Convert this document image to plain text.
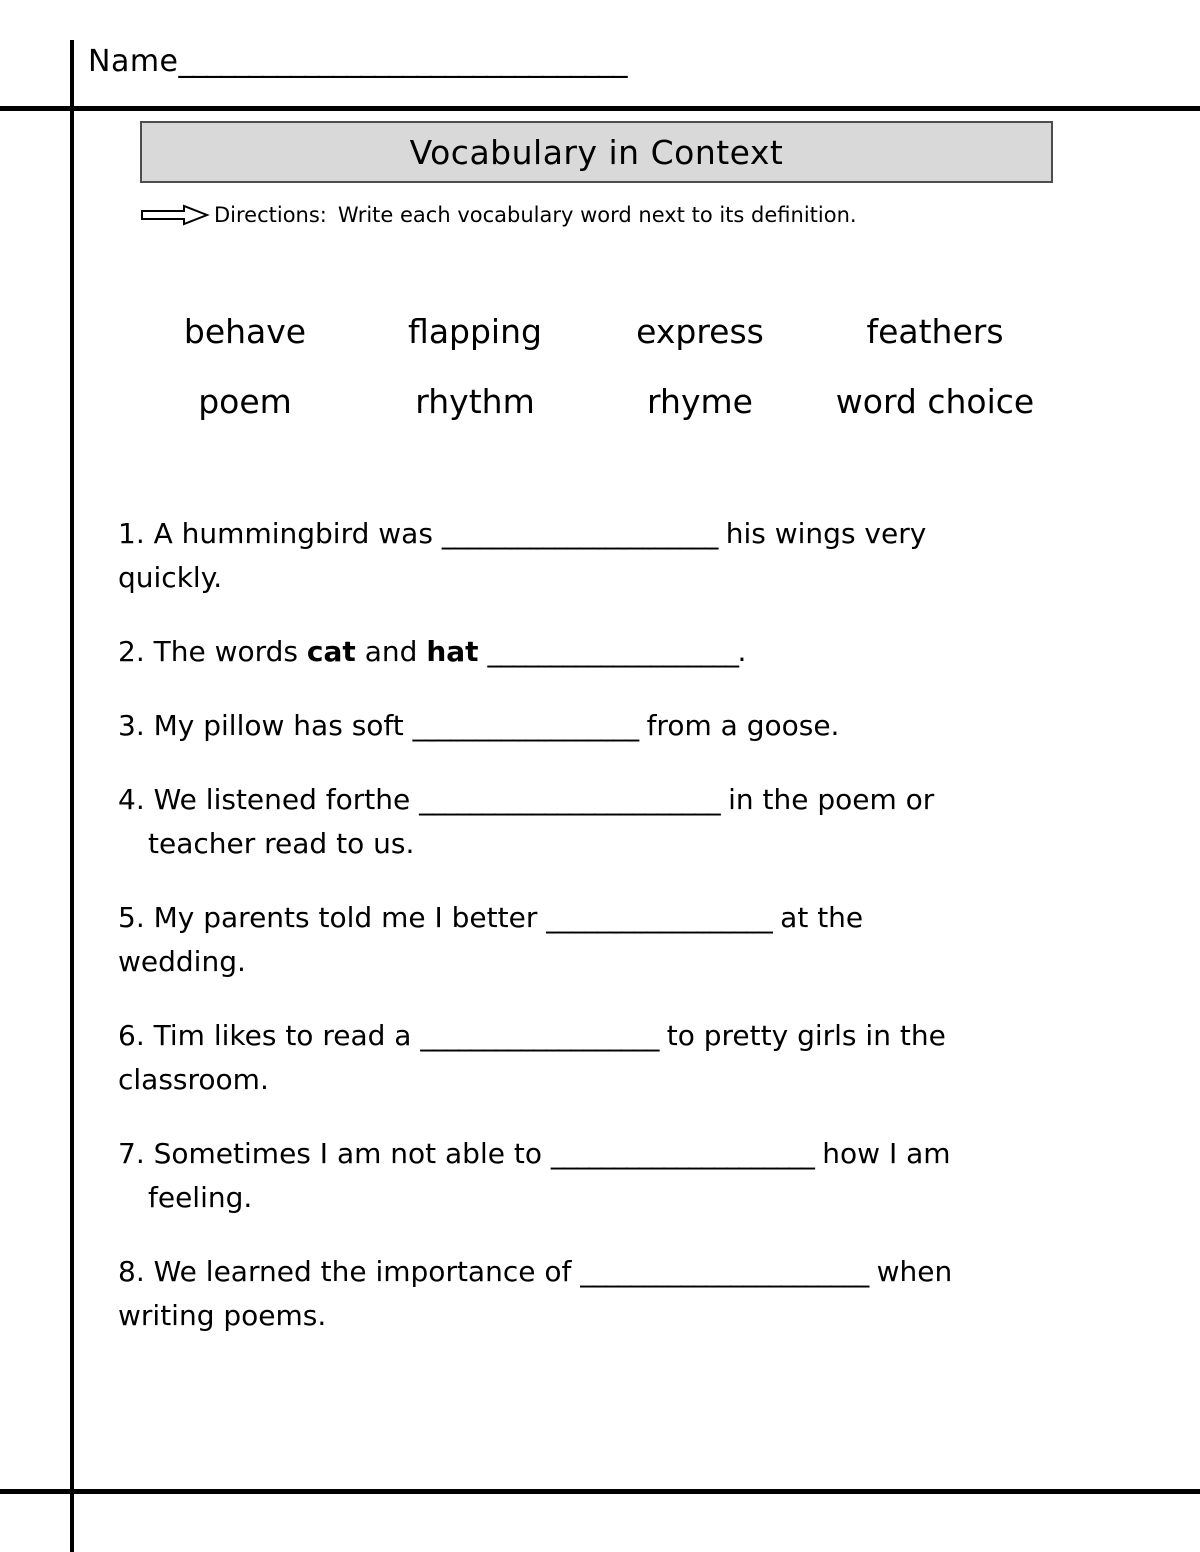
Name________________________________
Vocabulary in Context
Directions: Write each vocabulary word next to its definition.
behave	flapping	express	feathers
poem	rhythm	rhyme	word choice
1. A hummingbird was ______________________ his wings very
quickly.
2. The words cat and hat ____________________.
3. My pillow has soft __________________ from a goose.
4. We listened forthe ________________________ in the poem or
teacher read to us.
5. My parents told me I better __________________ at the
wedding.
6. Tim likes to read a ___________________ to pretty girls in the
classroom.
7. Sometimes I am not able to _____________________ how I am
feeling.
8. We learned the importance of _______________________ when
writing poems.
